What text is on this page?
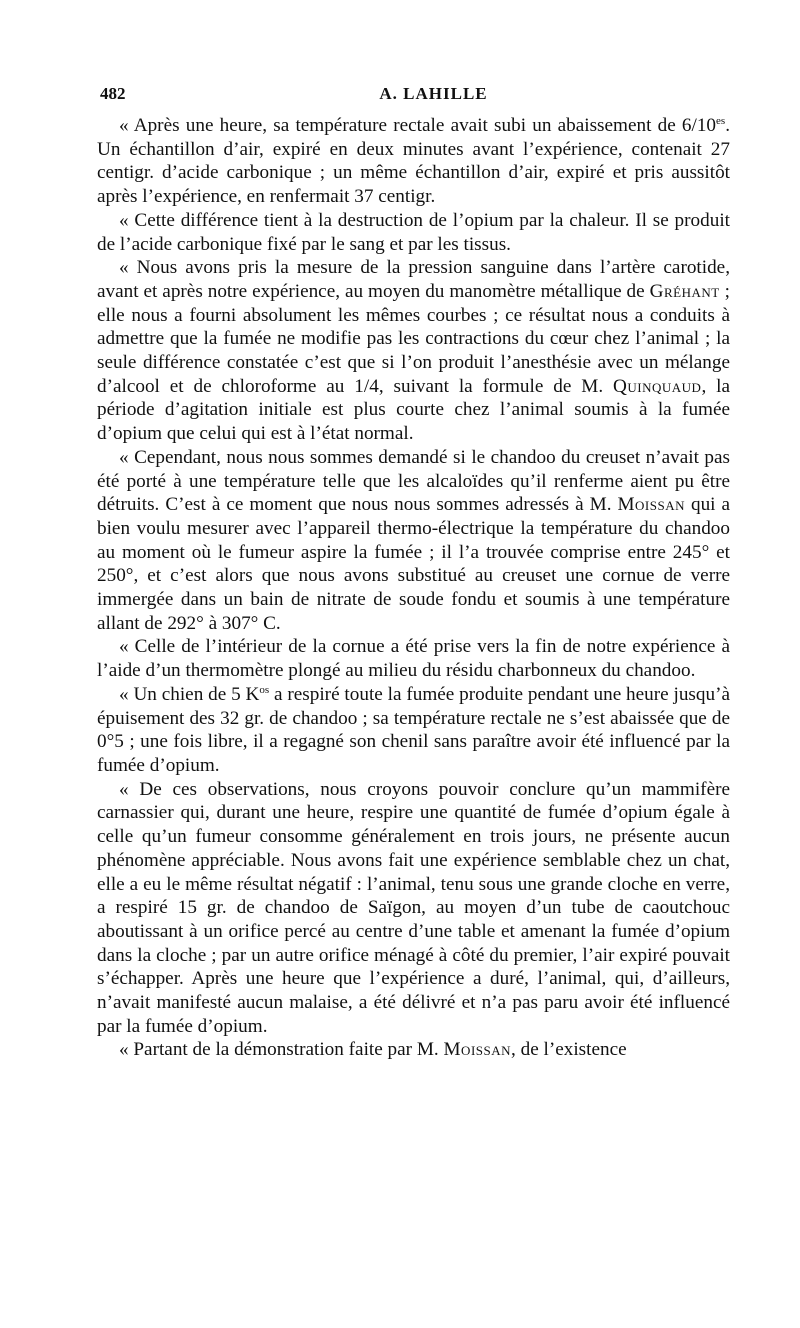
482	A. LAHILLE

« Après une heure, sa température rectale avait subi un abaissement de $6/10^{es}$. Un échantillon d’air, expiré en deux minutes avant l’expérience, contenait 27 centigr. d’acide carbonique ; un même échantillon d’air, expiré et pris aussitôt après l’expérience, en renfermait 37 centigr.

« Cette différence tient à la destruction de l’opium par la chaleur. Il se produit de l’acide carbonique fixé par le sang et par les tissus.

« Nous avons pris la mesure de la pression sanguine dans l’artère carotide, avant et après notre expérience, au moyen du manomètre métallique de Gréhant ; elle nous a fourni absolument les mêmes courbes ; ce résultat nous a conduits à admettre que la fumée ne modifie pas les contractions du cœur chez l’animal ; la seule différence constatée c’est que si l’on produit l’anesthésie avec un mélange d’alcool et de chloroforme au 1/4, suivant la formule de M. Quinquaud, la période d’agitation initiale est plus courte chez l’animal soumis à la fumée d’opium que celui qui est à l’état normal.

« Cependant, nous nous sommes demandé si le chandoo du creuset n’avait pas été porté à une température telle que les alcaloïdes qu’il renferme aient pu être détruits. C’est à ce moment que nous nous sommes adressés à M. Moissan qui a bien voulu mesurer avec l’appareil thermo-électrique la température du chandoo au moment où le fumeur aspire la fumée ; il l’a trouvée comprise entre 245° et 250°, et c’est alors que nous avons substitué au creuset une cornue de verre immergée dans un bain de nitrate de soude fondu et soumis à une température allant de 292° à 307° C.

« Celle de l’intérieur de la cornue a été prise vers la fin de notre expérience à l’aide d’un thermomètre plongé au milieu du résidu charbonneux du chandoo.

« Un chien de 5 $K^{os}$ a respiré toute la fumée produite pendant une heure jusqu’à épuisement des 32 gr. de chandoo ; sa température rectale ne s’est abaissée que de 0°5 ; une fois libre, il a regagné son chenil sans paraître avoir été influencé par la fumée d’opium.

« De ces observations, nous croyons pouvoir conclure qu’un mammifère carnassier qui, durant une heure, respire une quantité de fumée d’opium égale à celle qu’un fumeur consomme généralement en trois jours, ne présente aucun phénomène appréciable. Nous avons fait une expérience semblable chez un chat, elle a eu le même résultat négatif : l’animal, tenu sous une grande cloche en verre, a respiré 15 gr. de chandoo de Saïgon, au moyen d’un tube de caoutchouc aboutissant à un orifice percé au centre d’une table et amenant la fumée d’opium dans la cloche ; par un autre orifice ménagé à côté du premier, l’air expiré pouvait s’échapper. Après une heure que l’expérience a duré, l’animal, qui, d’ailleurs, n’avait manifesté aucun malaise, a été délivré et n’a pas paru avoir été influencé par la fumée d’opium.

« Partant de la démonstration faite par M. Moissan, de l’existence
